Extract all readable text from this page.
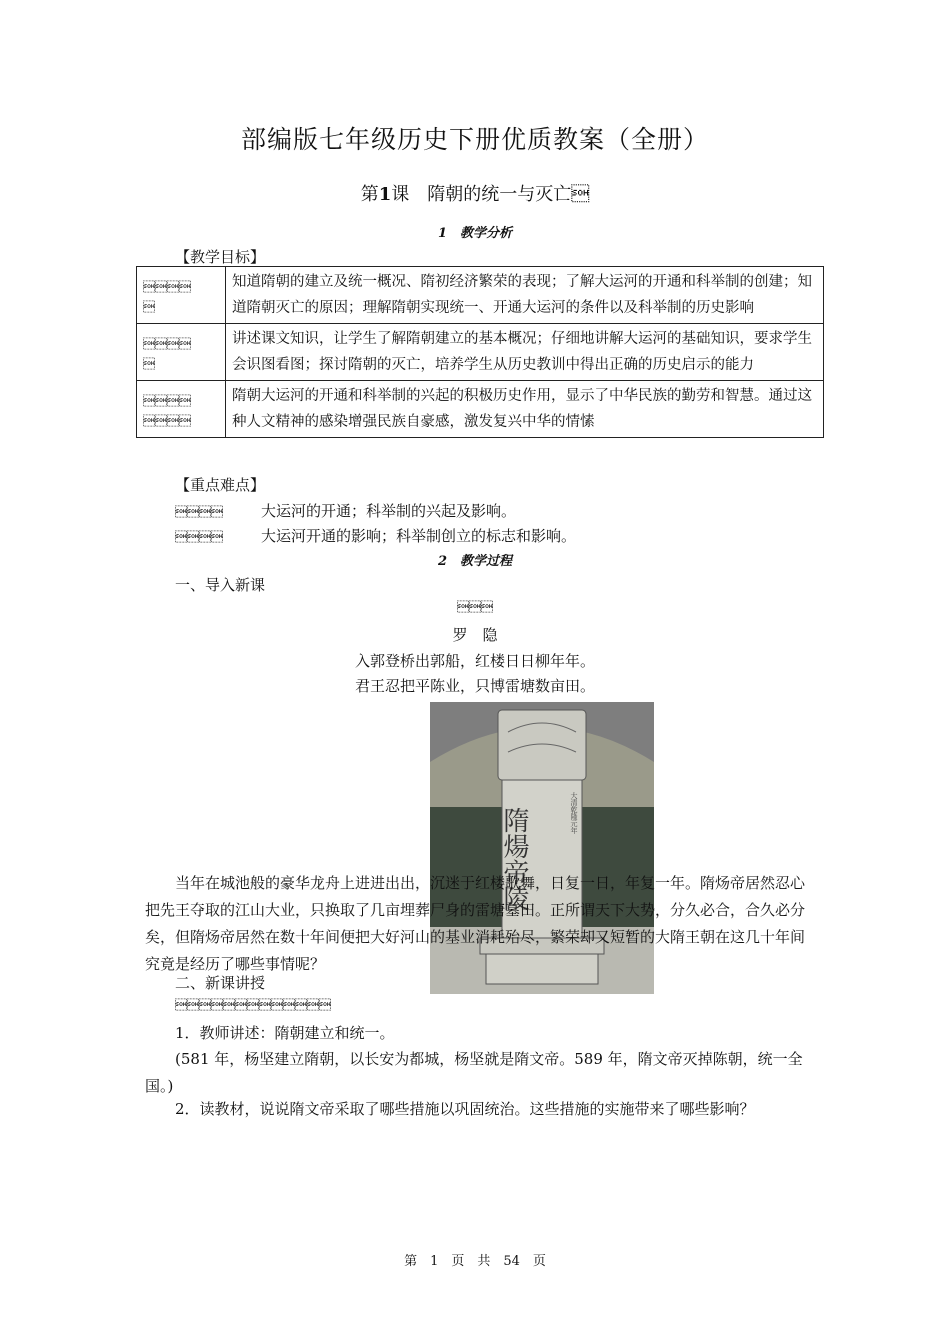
部编版七年级历史下册优质教案（全册）
第1课　隋朝的统一与灭亡
1　教学分析
【教学目标】

	知道隋朝的建立及统一概况、隋初经济繁荣的表现；了解大运河的开通和科举制的创建；知道隋朝灭亡的原因；理解隋朝实现统一、开通大运河的条件以及科举制的历史影响

	讲述课文知识，让学生了解隋朝建立的基本概况；仔细地讲解大运河的基础知识，要求学生会识图看图；探讨隋朝的灭亡，培养学生从历史教训中得出正确的历史启示的能力

	隋朝大运河的开通和科举制的兴起的积极历史作用，显示了中华民族的勤劳和智慧。通过这种人文精神的感染增强民族自豪感，激发复兴中华的情愫
【重点难点】
	大运河的开通；科举制的兴起及影响。
	大运河开通的影响；科举制创立的标志和影响。
2　教学过程
一、导入新课

罗　隐
入郭登桥出郭船，红楼日日柳年年。
君王忍把平陈业，只博雷塘数亩田。
隋煬帝陵	大清乾隆元年
当年在城池般的豪华龙舟上进进出出，沉迷于红楼歌舞，日复一日，年复一年。隋炀帝居然忍心把先王夺取的江山大业，只换取了几亩埋葬尸身的雷塘墓田。正所谓天下大势，分久必合，合久必分矣，但隋炀帝居然在数十年间便把大好河山的基业消耗殆尽，繁荣却又短暂的大隋王朝在这几十年间究竟是经历了哪些事情呢？
二、新课讲授

1．教师讲述：隋朝建立和统一。
(581 年，杨坚建立隋朝，以长安为都城，杨坚就是隋文帝。589 年，隋文帝灭掉陈朝，统一全国。)
2．读教材，说说隋文帝采取了哪些措施以巩固统治。这些措施的实施带来了哪些影响？
第　1　页　共　54　页
